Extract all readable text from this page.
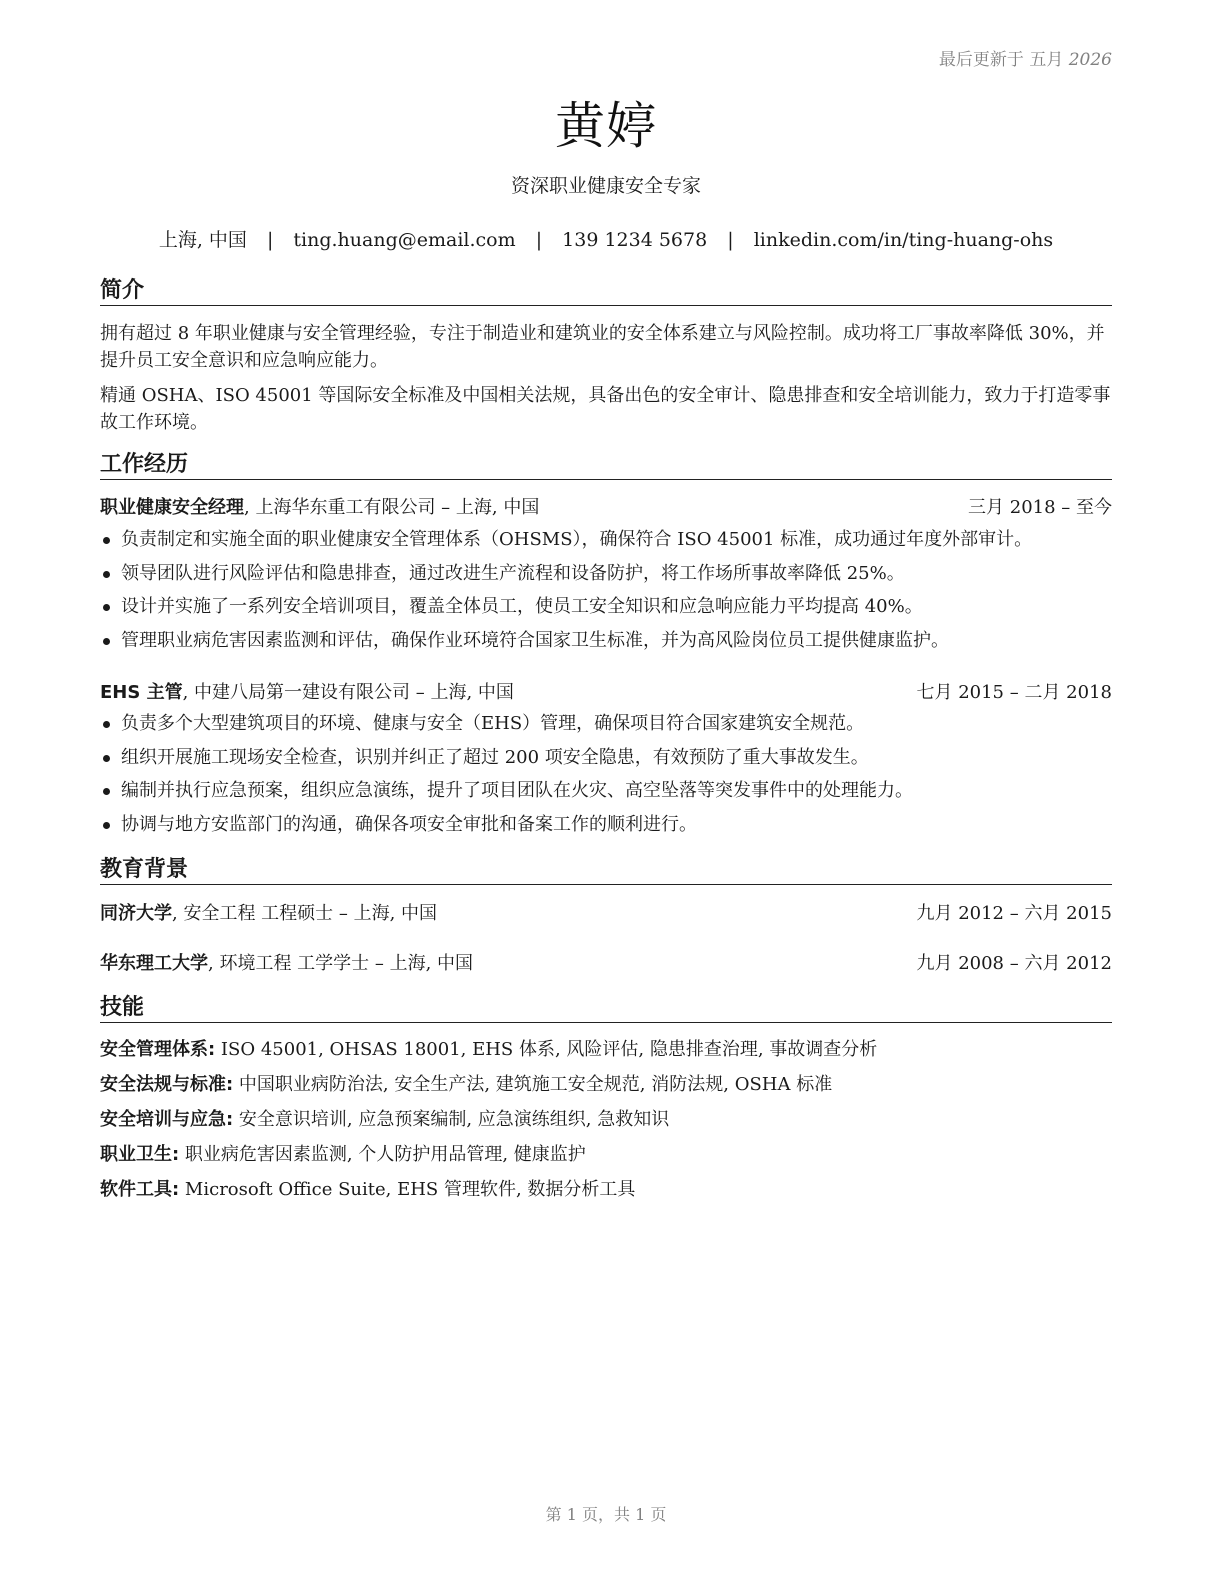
最后更新于 五月 2026
黄婷
资深职业健康安全专家
上海, 中国 | ting.huang@email.com | 139 1234 5678 | linkedin.com/in/ting-huang-ohs
简介
拥有超过 8 年职业健康与安全管理经验，专注于制造业和建筑业的安全体系建立与风险控制。成功将工厂事故率降低 30%，并提升员工安全意识和应急响应能力。
精通 OSHA、ISO 45001 等国际安全标准及中国相关法规，具备出色的安全审计、隐患排查和安全培训能力，致力于打造零事故工作环境。
工作经历
职业健康安全经理, 上海华东重工有限公司 – 上海, 中国	三月 2018 – 至今
负责制定和实施全面的职业健康安全管理体系（OHSMS），确保符合 ISO 45001 标准，成功通过年度外部审计。
领导团队进行风险评估和隐患排查，通过改进生产流程和设备防护，将工作场所事故率降低 25%。
设计并实施了一系列安全培训项目，覆盖全体员工，使员工安全知识和应急响应能力平均提高 40%。
管理职业病危害因素监测和评估，确保作业环境符合国家卫生标准，并为高风险岗位员工提供健康监护。
EHS 主管, 中建八局第一建设有限公司 – 上海, 中国	七月 2015 – 二月 2018
负责多个大型建筑项目的环境、健康与安全（EHS）管理，确保项目符合国家建筑安全规范。
组织开展施工现场安全检查，识别并纠正了超过 200 项安全隐患，有效预防了重大事故发生。
编制并执行应急预案，组织应急演练，提升了项目团队在火灾、高空坠落等突发事件中的处理能力。
协调与地方安监部门的沟通，确保各项安全审批和备案工作的顺利进行。
教育背景
同济大学, 安全工程 工程硕士 – 上海, 中国	九月 2012 – 六月 2015
华东理工大学, 环境工程 工学学士 – 上海, 中国	九月 2008 – 六月 2012
技能
安全管理体系: ISO 45001, OHSAS 18001, EHS 体系, 风险评估, 隐患排查治理, 事故调查分析
安全法规与标准: 中国职业病防治法, 安全生产法, 建筑施工安全规范, 消防法规, OSHA 标准
安全培训与应急: 安全意识培训, 应急预案编制, 应急演练组织, 急救知识
职业卫生: 职业病危害因素监测, 个人防护用品管理, 健康监护
软件工具: Microsoft Office Suite, EHS 管理软件, 数据分析工具
第 1 页，共 1 页
